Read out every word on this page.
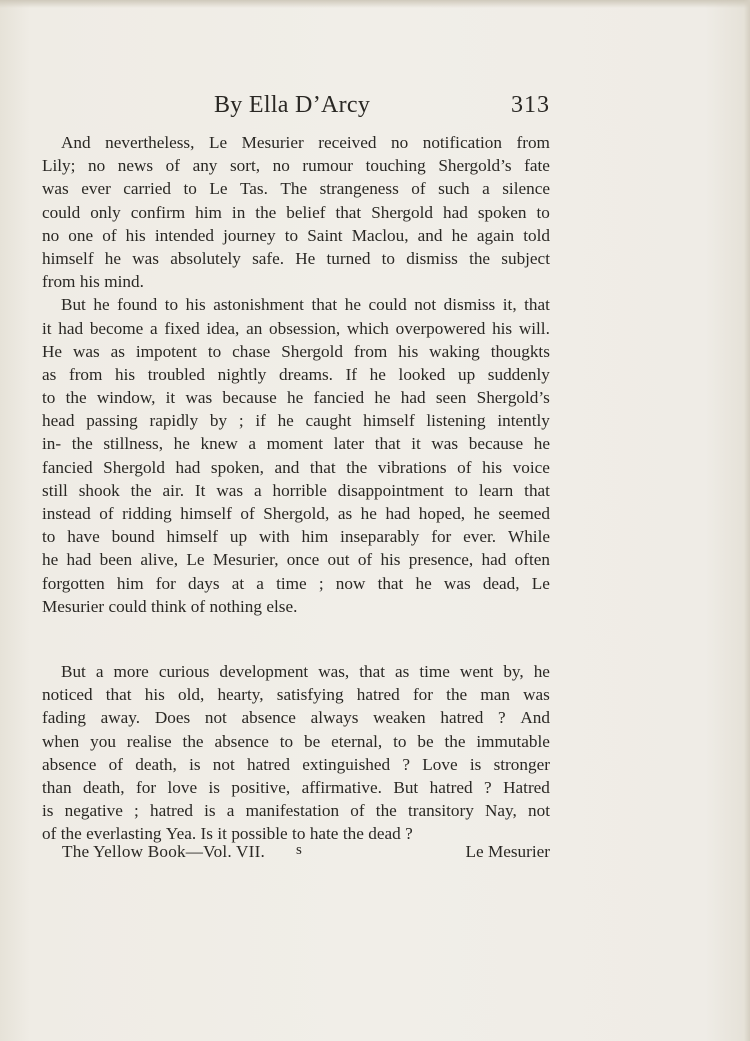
By Ella D’Arcy	313
And nevertheless, Le Mesurier received no notification from
Lily; no news of any sort, no rumour touching Shergold’s fate
was ever carried to Le Tas. The strangeness of such a silence
could only confirm him in the belief that Shergold had spoken to
no one of his intended journey to Saint Maclou, and he again told
himself he was absolutely safe. He turned to dismiss the subject
from his mind.
But he found to his astonishment that he could not dismiss it, that
it had become a fixed idea, an obsession, which overpowered his will.
He was as impotent to chase Shergold from his waking thougkts
as from his troubled nightly dreams. If he looked up suddenly
to the window, it was because he fancied he had seen Shergold’s
head passing rapidly by ; if he caught himself listening intently
in- the stillness, he knew a moment later that it was because he
fancied Shergold had spoken, and that the vibrations of his voice
still shook the air. It was a horrible disappointment to learn that
instead of ridding himself of Shergold, as he had hoped, he seemed
to have bound himself up with him inseparably for ever. While
he had been alive, Le Mesurier, once out of his presence, had often
forgotten him for days at a time ; now that he was dead, Le
Mesurier could think of nothing else.
But a more curious development was, that as time went by, he
noticed that his old, hearty, satisfying hatred for the man was
fading away. Does not absence always weaken hatred ? And
when you realise the absence to be eternal, to be the immutable
absence of death, is not hatred extinguished ? Love is stronger
than death, for love is positive, affirmative. But hatred ? Hatred
is negative ; hatred is a manifestation of the transitory Nay, not
of the everlasting Yea. Is it possible to hate the dead ?
The Yellow Book—Vol. VII. s	Le Mesurier
